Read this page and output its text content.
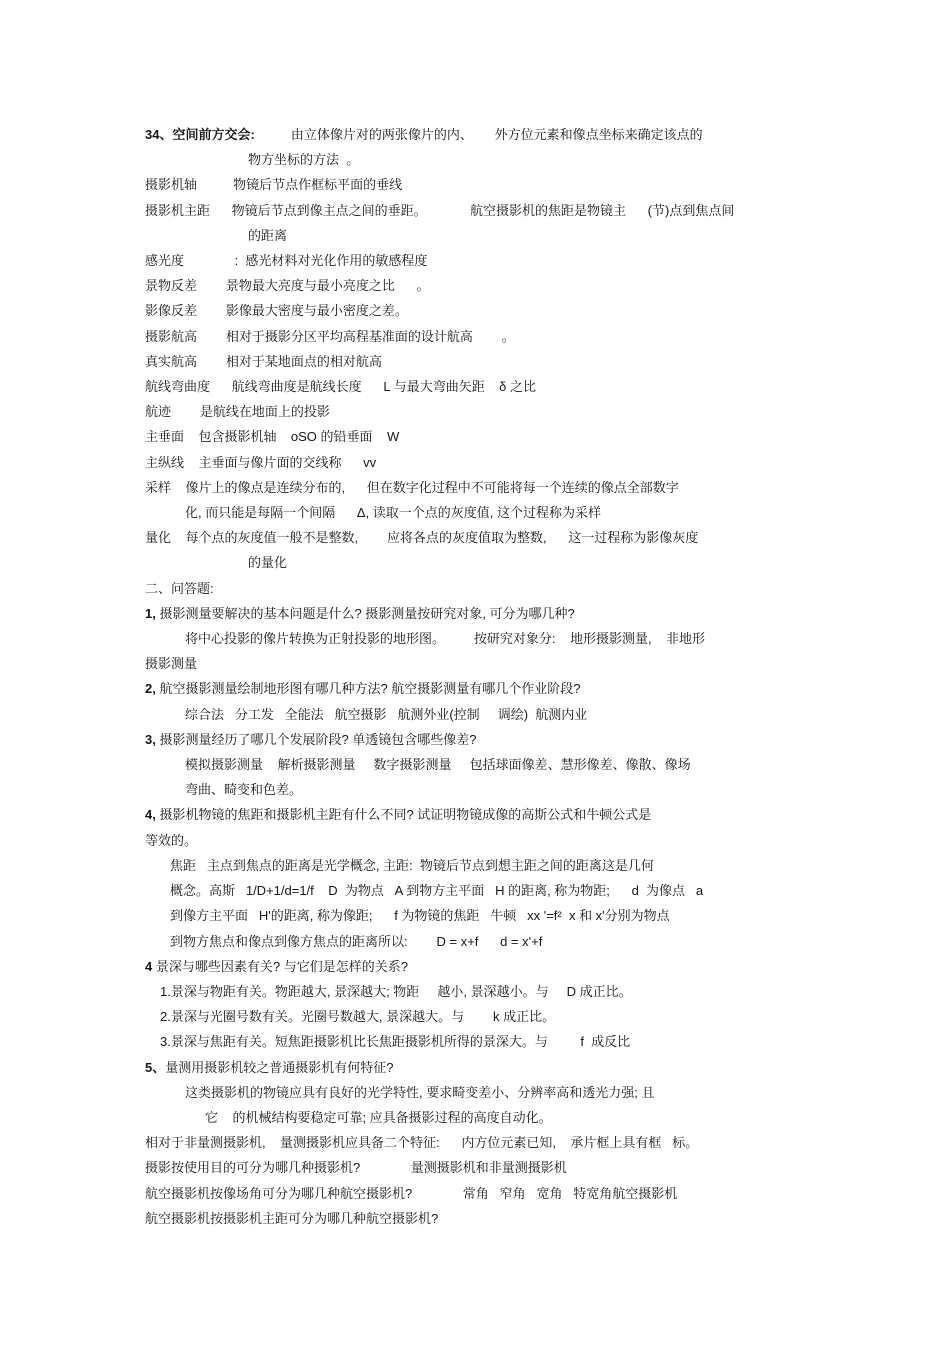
34、空间前方交会:          由立体像片对的两张像片的内、      外方位元素和像点坐标来确定该点的
物方坐标的方法  。
摄影机轴          物镜后节点作框标平面的垂线
摄影机主距      物镜后节点到像主点之间的垂距。            航空摄影机的焦距是物镜主      (节)点到焦点间
的距离
感光度              :  感光材料对光化作用的敏感程度
景物反差        景物最大亮度与最小亮度之比      。
影像反差        影像最大密度与最小密度之差。
摄影航高        相对于摄影分区平均高程基准面的设计航高        。
真实航高        相对于某地面点的相对航高
航线弯曲度      航线弯曲度是航线长度      L 与最大弯曲矢距    δ 之比
航迹        是航线在地面上的投影
主垂面    包含摄影机轴    oSO 的铅垂面    W
主纵线    主垂面与像片面的交线称      vv
采样    像片上的像点是连续分布的,      但在数字化过程中不可能将每一个连续的像点全部数字
化, 而只能是每隔一个间隔      Δ, 读取一个点的灰度值, 这个过程称为采样
量化    每个点的灰度值一般不是整数,        应将各点的灰度值取为整数,      这一过程称为影像灰度
的量化
二、问答题:
1, 摄影测量要解决的基本问题是什么? 摄影测量按研究对象, 可分为哪几种?
将中心投影的像片转换为正射投影的地形图。        按研究对象分:    地形摄影测量,    非地形
摄影测量
2, 航空摄影测量绘制地形图有哪几种方法? 航空摄影测量有哪几个作业阶段?
综合法   分工发   全能法   航空摄影   航测外业(控制     调绘)  航测内业
3, 摄影测量经历了哪几个发展阶段? 单透镜包含哪些像差?
模拟摄影测量    解析摄影测量     数字摄影测量     包括球面像差、慧形像差、像散、像场
弯曲、畸变和色差。
4, 摄影机物镜的焦距和摄影机主距有什么不同? 试证明物镜成像的高斯公式和牛顿公式是
等效的。
焦距   主点到焦点的距离是光学概念, 主距:  物镜后节点到想主距之间的距离这是几何
概念。高斯   1/D+1/d=1/f    D  为物点   A 到物方主平面   H 的距离, 称为物距;      d  为像点   a
到像方主平面   H'的距离, 称为像距;      f 为物镜的焦距   牛顿   xx '=f²  x 和 x'分别为物点
到物方焦点和像点到像方焦点的距离所以:        D = x+f      d = x'+f
4 景深与哪些因素有关? 与它们是怎样的关系?
1.景深与物距有关。物距越大, 景深越大; 物距     越小, 景深越小。与     D 成正比。
2.景深与光圈号数有关。光圈号数越大, 景深越大。与        k 成正比。
3.景深与焦距有关。短焦距摄影机比长焦距摄影机所得的景深大。与         f  成反比
5、量测用摄影机较之普通摄影机有何特征?
这类摄影机的物镜应具有良好的光学特性, 要求畸变差小、分辨率高和透光力强; 且
它    的机械结构要稳定可靠; 应具备摄影过程的高度自动化。
相对于非量测摄影机,    量测摄影机应具备二个特征:      内方位元素已知,    承片框上具有框   标。
摄影按使用目的可分为哪几种摄影机?              量测摄影机和非量测摄影机
航空摄影机按像场角可分为哪几种航空摄影机?              常角   窄角   宽角   特宽角航空摄影机
航空摄影机按摄影机主距可分为哪几种航空摄影机?
